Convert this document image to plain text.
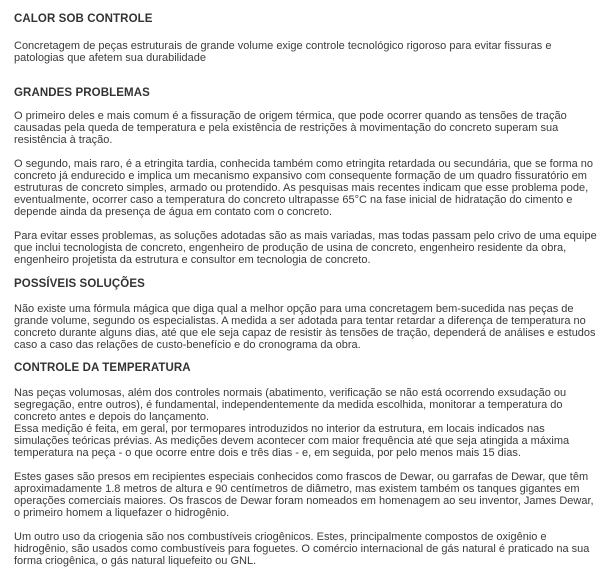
CALOR SOB CONTROLE

Concretagem de peças estruturais de grande volume exige controle tecnológico rigoroso para evitar fissuras e patologias que afetem sua durabilidade

GRANDES PROBLEMAS

O primeiro deles e mais comum é a fissuração de origem térmica, que pode ocorrer quando as tensões de tração causadas pela queda de temperatura e pela existência de restrições à movimentação do concreto superam sua resistência à tração.

O segundo, mais raro, é a etringita tardia, conhecida também como etringita retardada ou secundária, que se forma no concreto já endurecido e implica um mecanismo expansivo com consequente formação de um quadro fissuratório em estruturas de concreto simples, armado ou protendido. As pesquisas mais recentes indicam que esse problema pode, eventualmente, ocorrer caso a temperatura do concreto ultrapasse 65°C na fase inicial de hidratação do cimento e depende ainda da presença de água em contato com o concreto.

Para evitar esses problemas, as soluções adotadas são as mais variadas, mas todas passam pelo crivo de uma equipe que inclui tecnologista de concreto, engenheiro de produção de usina de concreto, engenheiro residente da obra, engenheiro projetista da estrutura e consultor em tecnologia de concreto.

POSSÍVEIS SOLUÇÕES

Não existe uma fórmula mágica que diga qual a melhor opção para uma concretagem bem-sucedida nas peças de grande volume, segundo os especialistas. A medida a ser adotada para tentar retardar a diferença de temperatura no concreto durante alguns dias, até que ele seja capaz de resistir às tensões de tração, dependerá de análises e estudos caso a caso das relações de custo-benefício e do cronograma da obra.

CONTROLE DA TEMPERATURA

Nas peças volumosas, além dos controles normais (abatimento, verificação se não está ocorrendo exsudação ou segregação, entre outros), é fundamental, independentemente da medida escolhida, monitorar a temperatura do concreto antes e depois do lançamento.

Essa medição é feita, em geral, por termopares introduzidos no interior da estrutura, em locais indicados nas simulações teóricas prévias. As medições devem acontecer com maior frequência até que seja atingida a máxima temperatura na peça - o que ocorre entre dois e três dias - e, em seguida, por pelo menos mais 15 dias.

Estes gases são presos em recipientes especiais conhecidos como frascos de Dewar, ou garrafas de Dewar, que têm aproximadamente 1.8 metros de altura e 90 centímetros de diâmetro, mas existem também os tanques gigantes em operações comerciais maiores. Os frascos de Dewar foram nomeados em homenagem ao seu inventor, James Dewar, o primeiro homem a liquefazer o hidrogênio.

Um outro uso da criogenia são nos combustíveis criogênicos. Estes, principalmente compostos de oxigênio e hidrogênio, são usados como combustíveis para foguetes. O comércio internacional de gás natural é praticado na sua forma criogênica, o gás natural liquefeito ou GNL.
